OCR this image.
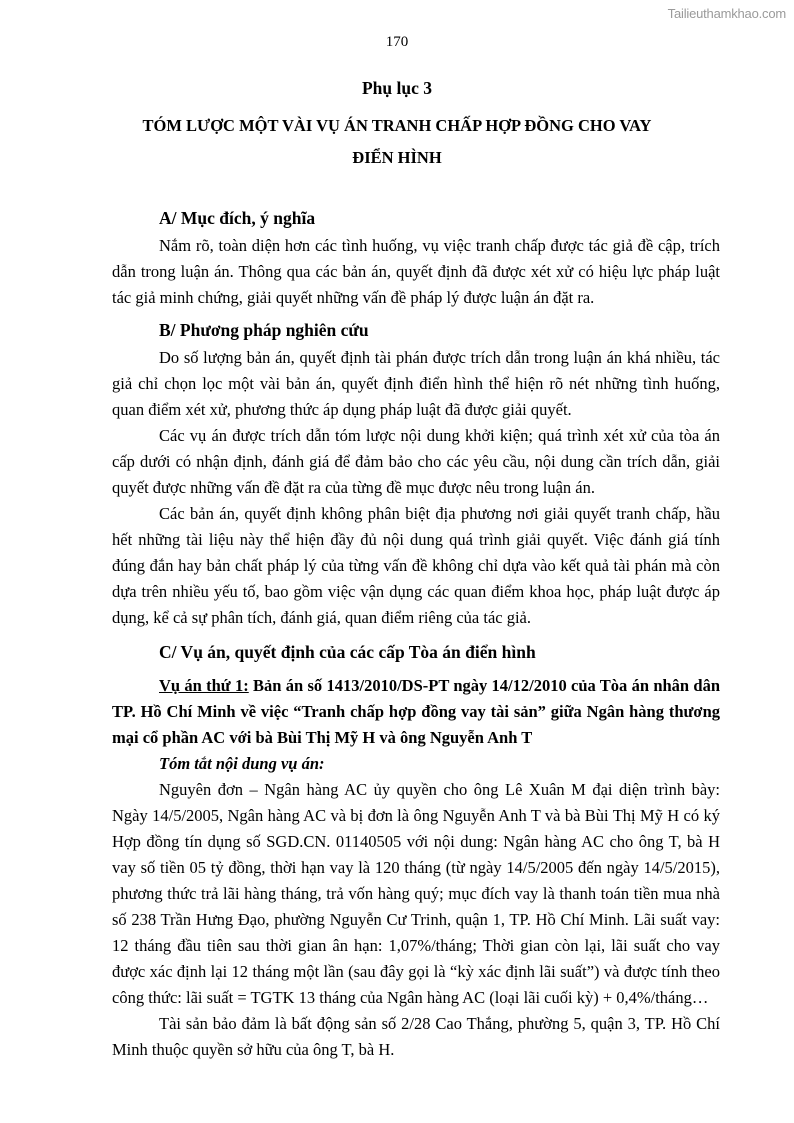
Tailieuthamkhao.com
170
Phụ lục 3
TÓM LƯỢC MỘT VÀI VỤ ÁN TRANH CHẤP HỢP ĐỒNG CHO VAY
ĐIỂN HÌNH
A/ Mục đích, ý nghĩa

Nắm rõ, toàn diện hơn các tình huống, vụ việc tranh chấp được tác giả đề cập, trích dẫn trong luận án. Thông qua các bản án, quyết định đã được xét xử có hiệu lực pháp luật tác giả minh chứng, giải quyết những vấn đề pháp lý được luận án đặt ra.

B/ Phương pháp nghiên cứu

Do số lượng bản án, quyết định tài phán được trích dẫn trong luận án khá nhiều, tác giả chỉ chọn lọc một vài bản án, quyết định điển hình thể hiện rõ nét những tình huống, quan điểm xét xử, phương thức áp dụng pháp luật đã được giải quyết.

Các vụ án được trích dẫn tóm lược nội dung khởi kiện; quá trình xét xử của tòa án cấp dưới có nhận định, đánh giá để đảm bảo cho các yêu cầu, nội dung cần trích dẫn, giải quyết được những vấn đề đặt ra của từng đề mục được nêu trong luận án.

Các bản án, quyết định không phân biệt địa phương nơi giải quyết tranh chấp, hầu hết những tài liệu này thể hiện đầy đủ nội dung quá trình giải quyết. Việc đánh giá tính đúng đắn hay bản chất pháp lý của từng vấn đề không chỉ dựa vào kết quả tài phán mà còn dựa trên nhiều yếu tố, bao gồm việc vận dụng các quan điểm khoa học, pháp luật được áp dụng, kể cả sự phân tích, đánh giá, quan điểm riêng của tác giả.

C/ Vụ án, quyết định của các cấp Tòa án điển hình

Vụ án thứ 1: Bản án số 1413/2010/DS-PT ngày 14/12/2010 của Tòa án nhân dân TP. Hồ Chí Minh về việc “Tranh chấp hợp đồng vay tài sản” giữa Ngân hàng thương mại cổ phần AC với bà Bùi Thị Mỹ H và ông Nguyễn Anh T

Tóm tắt nội dung vụ án:

Nguyên đơn – Ngân hàng AC ủy quyền cho ông Lê Xuân M đại diện trình bày: Ngày 14/5/2005, Ngân hàng AC và bị đơn là ông Nguyễn Anh T và bà Bùi Thị Mỹ H có ký Hợp đồng tín dụng số SGD.CN. 01140505 với nội dung: Ngân hàng AC cho ông T, bà H vay số tiền 05 tỷ đồng, thời hạn vay là 120 tháng (từ ngày 14/5/2005 đến ngày 14/5/2015), phương thức trả lãi hàng tháng, trả vốn hàng quý; mục đích vay là thanh toán tiền mua nhà số 238 Trần Hưng Đạo, phường Nguyễn Cư Trinh, quận 1, TP. Hồ Chí Minh. Lãi suất vay: 12 tháng đầu tiên sau thời gian ân hạn: 1,07%/tháng; Thời gian còn lại, lãi suất cho vay được xác định lại 12 tháng một lần (sau đây gọi là “kỳ xác định lãi suất”) và được tính theo công thức: lãi suất = TGTK 13 tháng của Ngân hàng AC (loại lãi cuối kỳ) + 0,4%/tháng…

Tài sản bảo đảm là bất động sản số 2/28 Cao Thắng, phường 5, quận 3, TP. Hồ Chí Minh thuộc quyền sở hữu của ông T, bà H.
